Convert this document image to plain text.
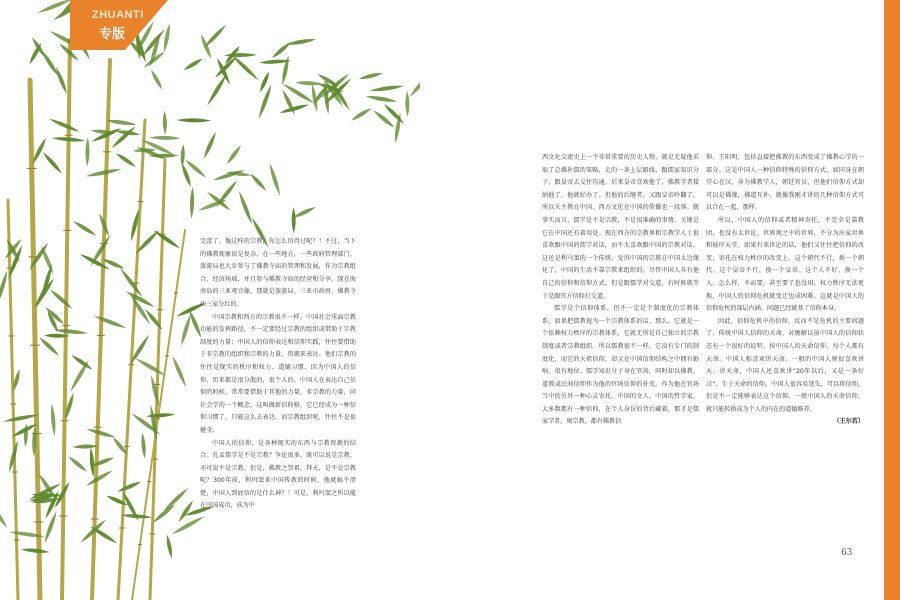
ZHUANTI
专版

完蛋了。像这样的宗教，你怎么信得过呢？！不过，当下的佛教现象很是复杂，在一些地方，一些政府管理部门、旅游局也大步参与了佛教寺庙的管理和发展，作为宗教组合、经济场域，并且参与佛教寺庙的经营和分享。现在海南岛的三亚观音像，那就是旅游局、三亚市政府、佛教寺庙三家分红的。

中国宗教和西方的宗教很不一样。中国社会重面宗教功能的发挥路径，不一定要经过宗教的组织或借助于宗教制度的力量；中国人的信仰表达和信仰实践，往往要借助于非宗教的组织和宗教的力量、资源来表达。他们宗教的往往是现实的秩序和权力、道德习惯，因为中国人的信仰，历来都是很分散的，很个人的。中国人在表达自己信仰的时候，常常要借助于其他的力量，非宗教的力量，同社会学的一个概念，这叫做新信仰格。它已经成为一种信仰习惯了，只能这么去表达。而宗教组织呢，往往不是很健全。

中国人的信仰，是各种现实的东西与宗教资源的结合。孔孟儒学是不是宗教？争论很多，既可以说是宗教，亦可说不是宗教。但是，佛教之祭祖、拜天，是不是宗教呢？300年前，利玛窦来中国传教的时候，他就搞不清楚，中国人到底信的是什么神？！可是，利玛窦之所以能在中国成功，成为中

西文化交流史上一个非常重要的历史人物，就是无疑他采取了总佛补儒的策略，走的一条上层路线，跟儒家知识分子、跟皇帝去交往沟通。后来皇帝喜欢他了，佛教学者接纳他了，他就好办了。但他的后继者，又跟皇帝吵翻了，所以天主教在中国，西方文化在中国的传播也一段落。就事实而言，儒学是不是宗教，不是很准确的事情。关键是它在中国还有着用处。现在西方的宗教界和宗教学人士很喜欢跟中国的儒学对话，而不太喜欢跟中国的宗教对话。这还是利马窦的一个传统，觉得中国的宗教在中国太边缘化了，中国的生活不靠宗教来组织的。尽管中国人具有他自己的信仰和信仰方式，但是跟儒学对交道，有时候就等于是跟官方信仰打交道。

儒学是个信仰体系，但不一定是个制度化的宗教体系。如果把儒教视为一个宗教体系的话，那么，它就是一个依赖权力秩序的宗教体系，它就无所是自己独立的宗教制度或者宗教组织。所以儒教很不一样，它没有专门的制度化，而它的天祖信仰，却又在中国信仰结构之中拥有影响。很有地位。儒学知识分子身在官场，同时却以佛教、道教或民间信仰作为他的官场信仰的补充。作为他在官场当中的另外一种心灵寄托。中国的文人、中国的哲学家，大多数都有一种信仰，在个人身份的背后藏着，那才是儒家学者，奥宗教，都有佛教信

仰。王阳明，包括直接把佛教的东西变成了佛教心学的一部分。这是中国人一种信仰特殊的信仰方式，如同身在朝堂心在汉，身为佛教学人，朝廷官员，但他们信仰方式却可以是佛缘，佛道互补，就像我刚才讲的几种信仰方式可以合在一起，那样。

所以，中国人的信仰或者精神寄托，不完全是靠教团，也没有太世论。世界观之中的世界，不分为出家世界和彼岸天堂。如果有来世论的话，他们又往往把信仰的改变，寄托在权力秩序的改变上。这个朝代不行，换一个朝代。这个皇帝不行，换一个皇帝。这个人不好，换一个人。怎么样，不而要，甚至要了也没用。权力秩序无法更换，中国人的信仰危机就变迁也成困难。这就是中国人的信仰危机的深层内涵，问题已经就基了信仰本身。

因此，信仰危机中的信仰，反而不是危机的主要问题了。传统中国人信仰的天命，对缠解以前中国人的信仰状态有一个很好的说明。按中国人的天命信仰，每个人都有天命。中国人相喜欢讲天命。一般的中国人则很喜欢讲天、讲天命，中国人还喜欢讲“20年以后，又是一条好汉”。生于天命的信仰，中国人很容易迷失，可以将信仰，但是不一定能够表达这个信仰。一般中国人的天命信仰，就只能转换成为个人的内在的道德修养。

（王尔若）

63
